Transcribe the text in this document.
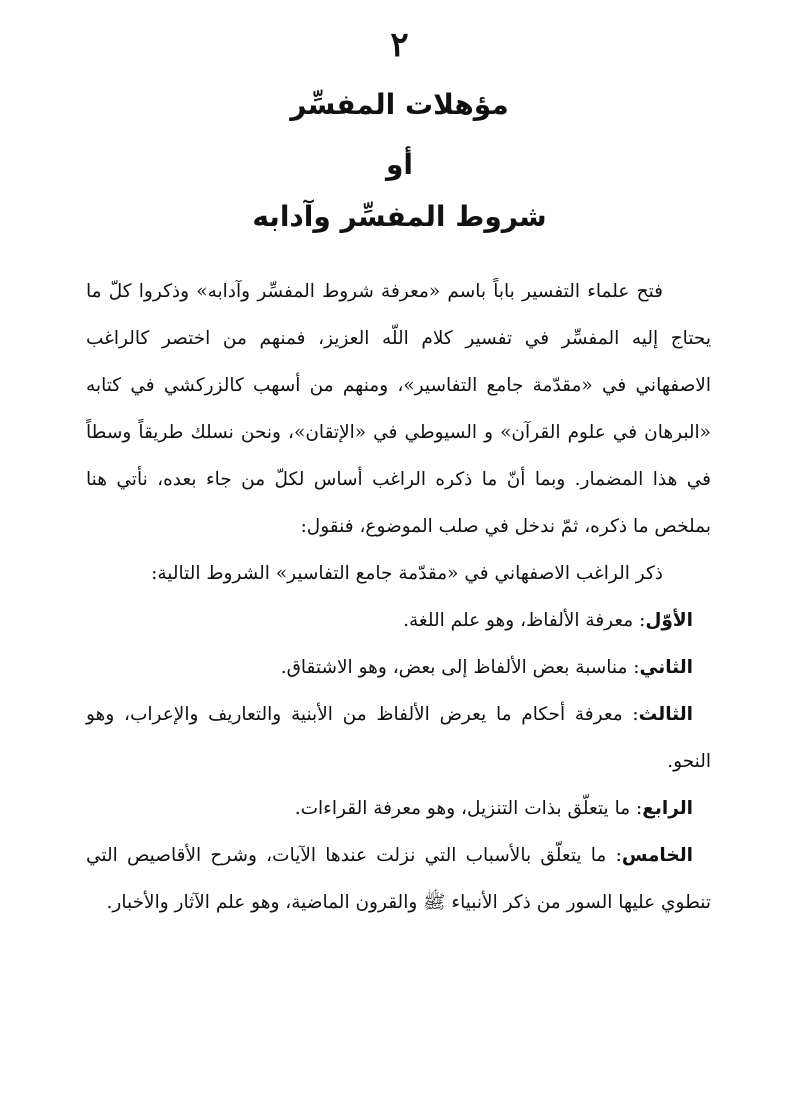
٢
مؤهلات المفسِّر
أو
شروط المفسِّر وآدابه

فتح علماء التفسير باباً باسم «معرفة شروط المفسِّر وآدابه» وذكروا كلّ ما يحتاج إليه المفسِّر في تفسير كلام اللّه العزيز، فمنهم من اختصر كالراغب الاصفهاني في «مقدّمة جامع التفاسير»، ومنهم من أسهب كالزركشي في كتابه «البرهان في علوم القرآن» و السيوطي في «الإتقان»، ونحن نسلك طريقاً وسطاً في هذا المضمار. وبما أنّ ما ذكره الراغب أساس لكلّ من جاء بعده، نأتي هنا بملخص ما ذكره، ثمّ ندخل في صلب الموضوع، فنقول:

ذكر الراغب الاصفهاني في «مقدّمة جامع التفاسير» الشروط التالية:

الأوّل: معرفة الألفاظ، وهو علم اللغة.

الثاني: مناسبة بعض الألفاظ إلى بعض، وهو الاشتقاق.

الثالث: معرفة أحكام ما يعرض الألفاظ من الأبنية والتعاريف والإعراب، وهو النحو.

الرابع: ما يتعلّق بذات التنزيل، وهو معرفة القراءات.

الخامس: ما يتعلّق بالأسباب التي نزلت عندها الآيات، وشرح الأقاصيص التي تنطوي عليها السور من ذكر الأنبياء ﷺ والقرون الماضية، وهو علم الآثار والأخبار.
